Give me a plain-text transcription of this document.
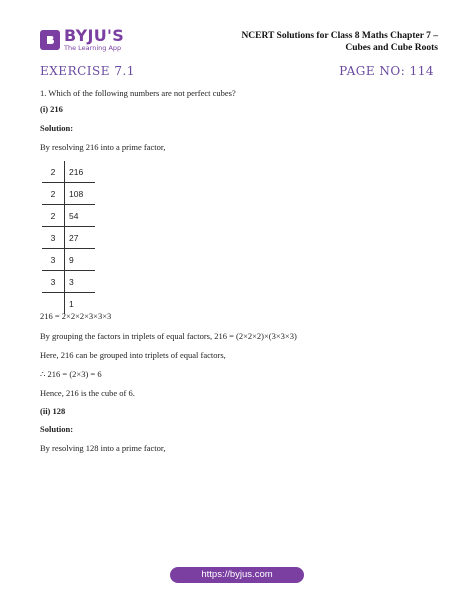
BYJU'S
The Learning App
NCERT Solutions for Class 8 Maths Chapter 7 –
Cubes and Cube Roots
EXERCISE 7.1	PAGE NO: 114
1. Which of the following numbers are not perfect cubes?
(i) 216
Solution:
By resolving 216 into a prime factor,
2	216
2	108
2	54
3	27
3	9
3	3
	1
216 = 2×2×2×3×3×3
By grouping the factors in triplets of equal factors, 216 = (2×2×2)×(3×3×3)
Here, 216 can be grouped into triplets of equal factors,
∴ 216 = (2×3) = 6
Hence, 216 is the cube of 6.
(ii) 128
Solution:
By resolving 128 into a prime factor,
https://byjus.com
